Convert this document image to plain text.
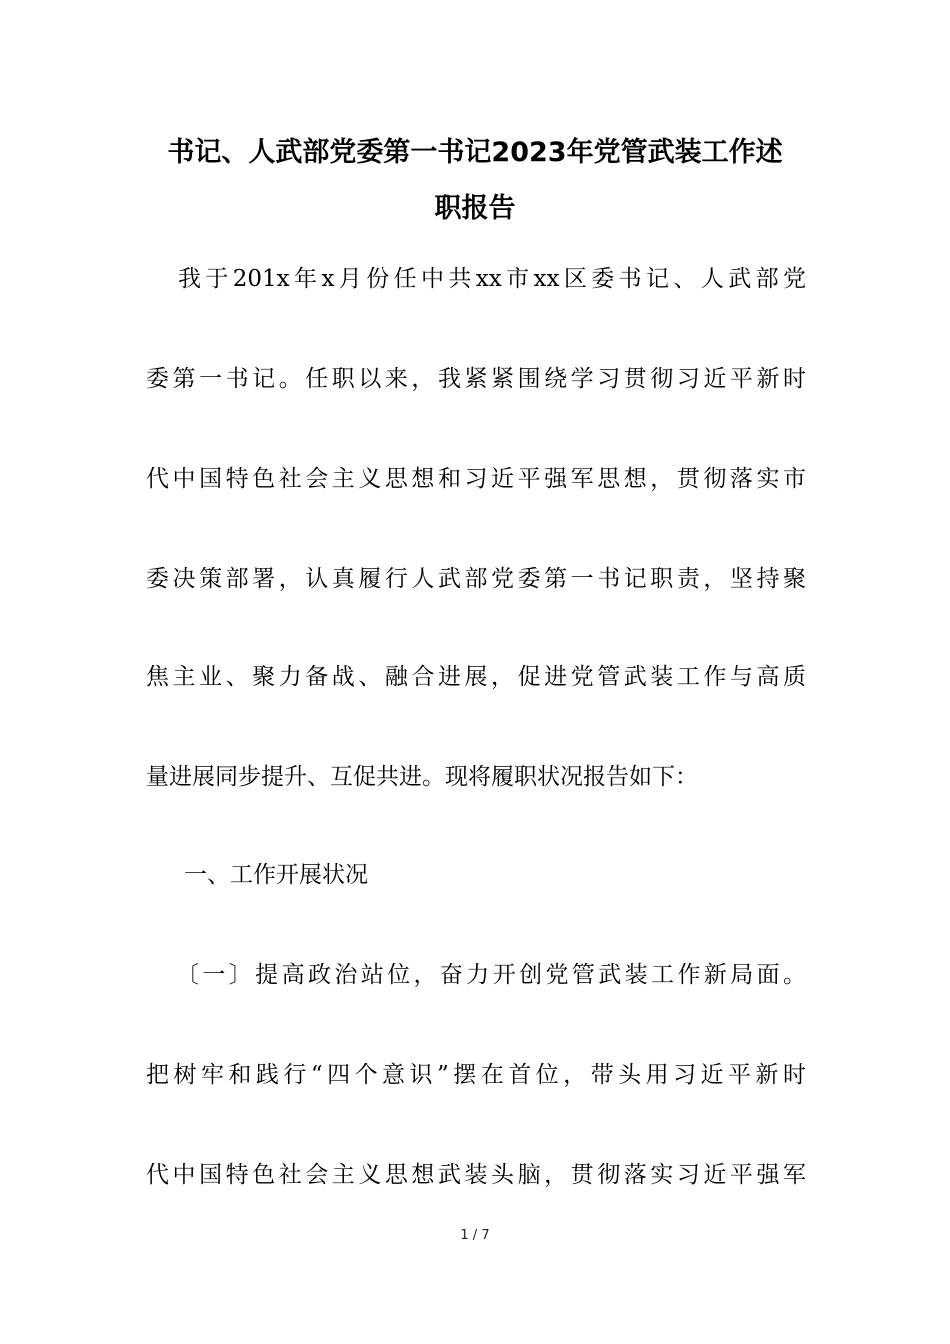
书记、人武部党委第一书记2023年党管武装工作述
职报告

我于201x年x月份任中共xx市xx区委书记、人武部党

委第一书记。任职以来，我紧紧围绕学习贯彻习近平新时

代中国特色社会主义思想和习近平强军思想，贯彻落实市

委决策部署，认真履行人武部党委第一书记职责，坚持聚

焦主业、聚力备战、融合进展，促进党管武装工作与高质

量进展同步提升、互促共进。现将履职状况报告如下：

一、工作开展状况

〔一〕提高政治站位，奋力开创党管武装工作新局面。

把树牢和践行“四个意识”摆在首位，带头用习近平新时

代中国特色社会主义思想武装头脑，贯彻落实习近平强军

1 / 7
